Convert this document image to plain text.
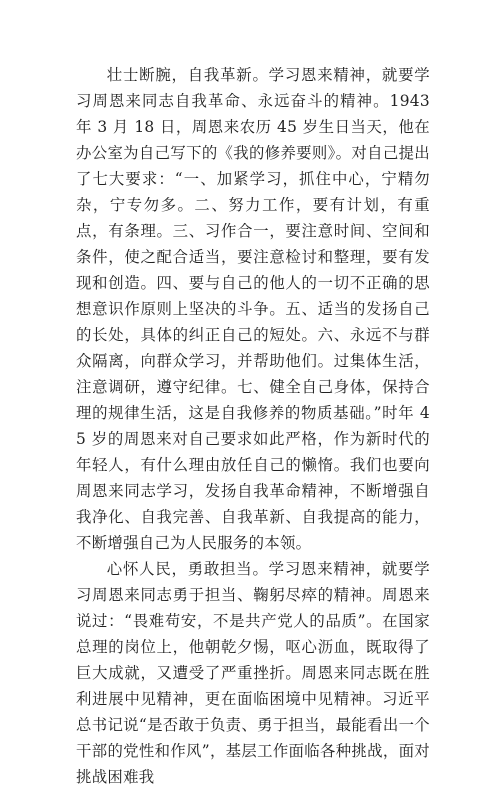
壮士断腕，自我革新。学习恩来精神，就要学习周恩来同志自我革命、永远奋斗的精神。1943 年 3 月 18 日，周恩来农历 45 岁生日当天，他在办公室为自己写下的《我的修养要则》。对自己提出了七大要求：“一、加紧学习，抓住中心，宁精勿杂，宁专勿多。二、努力工作，要有计划，有重点，有条理。三、习作合一，要注意时间、空间和条件，使之配合适当，要注意检讨和整理，要有发现和创造。四、要与自己的他人的一切不正确的思想意识作原则上坚决的斗争。五、适当的发扬自己的长处，具体的纠正自己的短处。六、永远不与群众隔离，向群众学习，并帮助他们。过集体生活，注意调研，遵守纪律。七、健全自己身体，保持合理的规律生活，这是自我修养的物质基础。”时年 45 岁的周恩来对自己要求如此严格，作为新时代的年轻人，有什么理由放任自己的懒惰。我们也要向周恩来同志学习，发扬自我革命精神，不断增强自我净化、自我完善、自我革新、自我提高的能力，不断增强自己为人民服务的本领。

心怀人民，勇敢担当。学习恩来精神，就要学习周恩来同志勇于担当、鞠躬尽瘁的精神。周恩来说过：“畏难苟安，不是共产党人的品质”。在国家总理的岗位上，他朝乾夕惕，呕心沥血，既取得了巨大成就，又遭受了严重挫折。周恩来同志既在胜利进展中见精神，更在面临困境中见精神。习近平总书记说“是否敢于负责、勇于担当，最能看出一个干部的党性和作风”，基层工作面临各种挑战，面对挑战困难我
